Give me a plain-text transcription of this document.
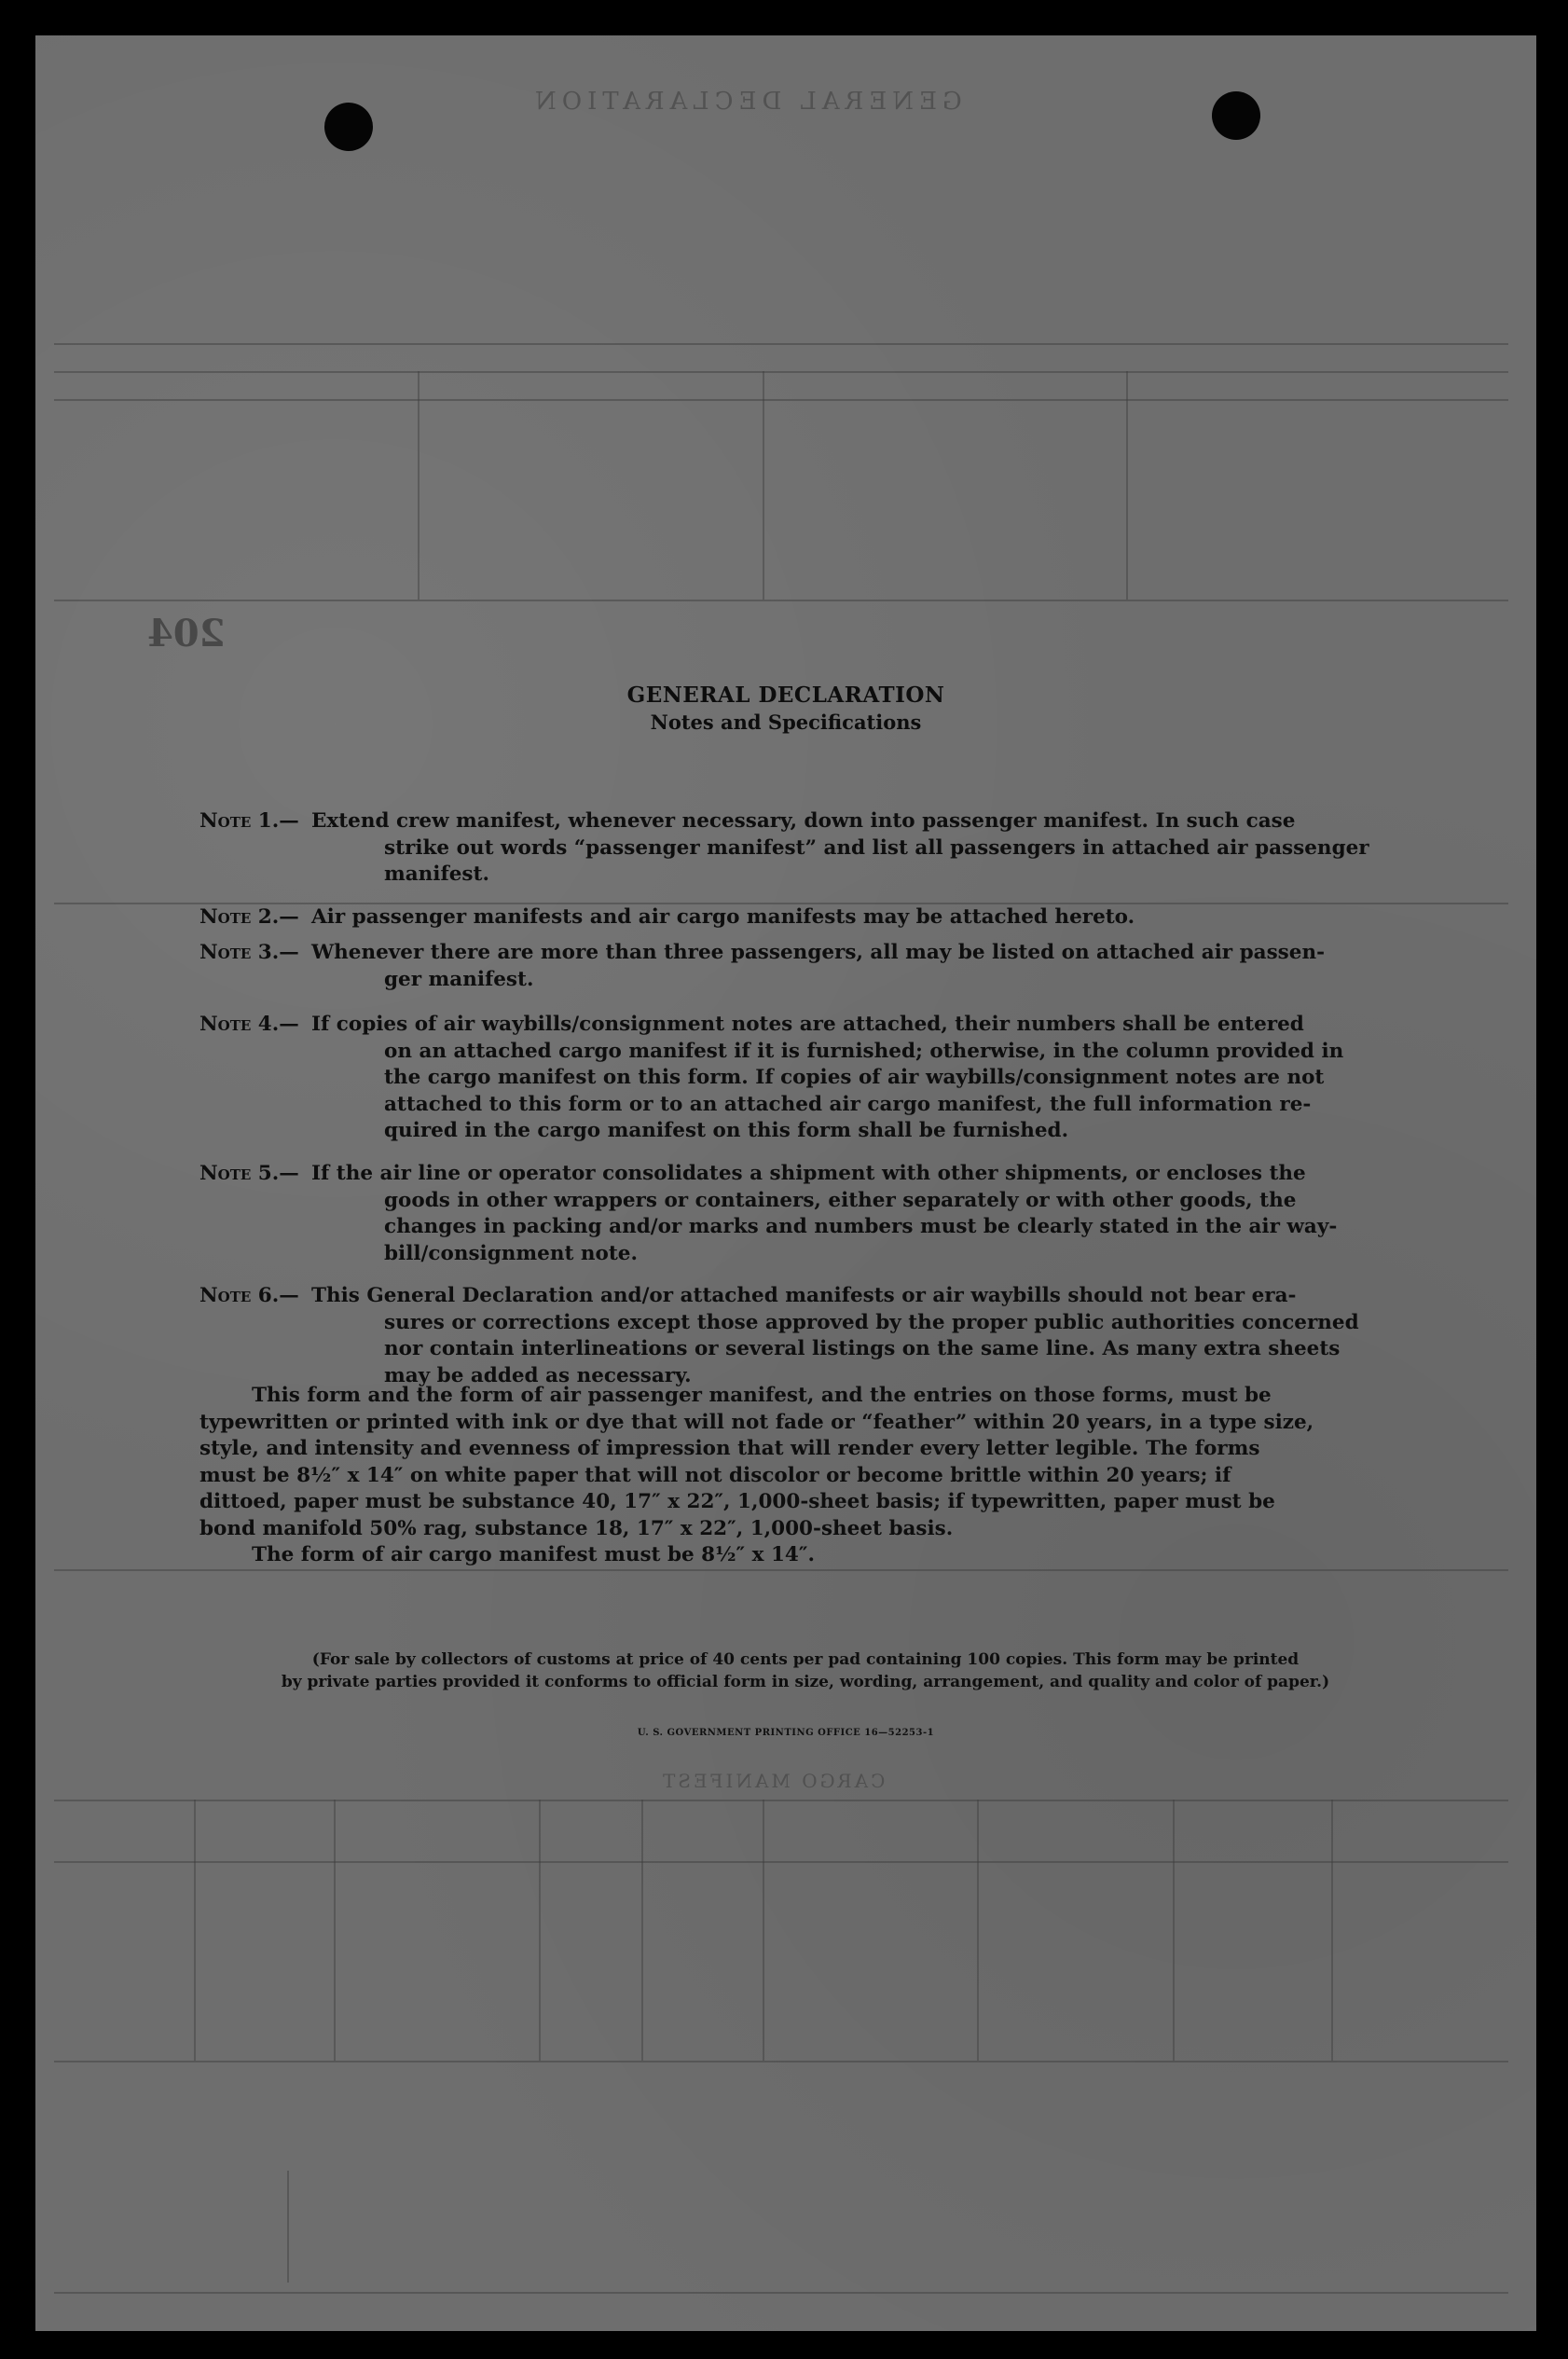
GENERAL DECLARATION
204
CARGO MANIFEST
GENERAL DECLARATION
Notes and Specifications
Note 1.— Extend crew manifest, whenever necessary, down into passenger manifest. In such case
strike out words “passenger manifest” and list all passengers in attached air passenger
manifest.
Note 2.— Air passenger manifests and air cargo manifests may be attached hereto.
Note 3.— Whenever there are more than three passengers, all may be listed on attached air passen-
ger manifest.
Note 4.— If copies of air waybills/consignment notes are attached, their numbers shall be entered
on an attached cargo manifest if it is furnished; otherwise, in the column provided in
the cargo manifest on this form. If copies of air waybills/consignment notes are not
attached to this form or to an attached air cargo manifest, the full information re-
quired in the cargo manifest on this form shall be furnished.
Note 5.— If the air line or operator consolidates a shipment with other shipments, or encloses the
goods in other wrappers or containers, either separately or with other goods, the
changes in packing and/or marks and numbers must be clearly stated in the air way-
bill/consignment note.
Note 6.— This General Declaration and/or attached manifests or air waybills should not bear era-
sures or corrections except those approved by the proper public authorities concerned
nor contain interlineations or several listings on the same line. As many extra sheets
may be added as necessary.

This form and the form of air passenger manifest, and the entries on those forms, must be

typewritten or printed with ink or dye that will not fade or “feather” within 20 years, in a type size,

style, and intensity and evenness of impression that will render every letter legible. The forms

must be 8½″ x 14″ on white paper that will not discolor or become brittle within 20 years; if

dittoed, paper must be substance 40, 17″ x 22″, 1,000-sheet basis; if typewritten, paper must be

bond manifold 50% rag, substance 18, 17″ x 22″, 1,000-sheet basis.

The form of air cargo manifest must be 8½″ x 14″.

(For sale by collectors of customs at price of 40 cents per pad containing 100 copies. This form may be printed
by private parties provided it conforms to official form in size, wording, arrangement, and quality and color of paper.)
U. S. GOVERNMENT PRINTING OFFICE 16—52253-1
